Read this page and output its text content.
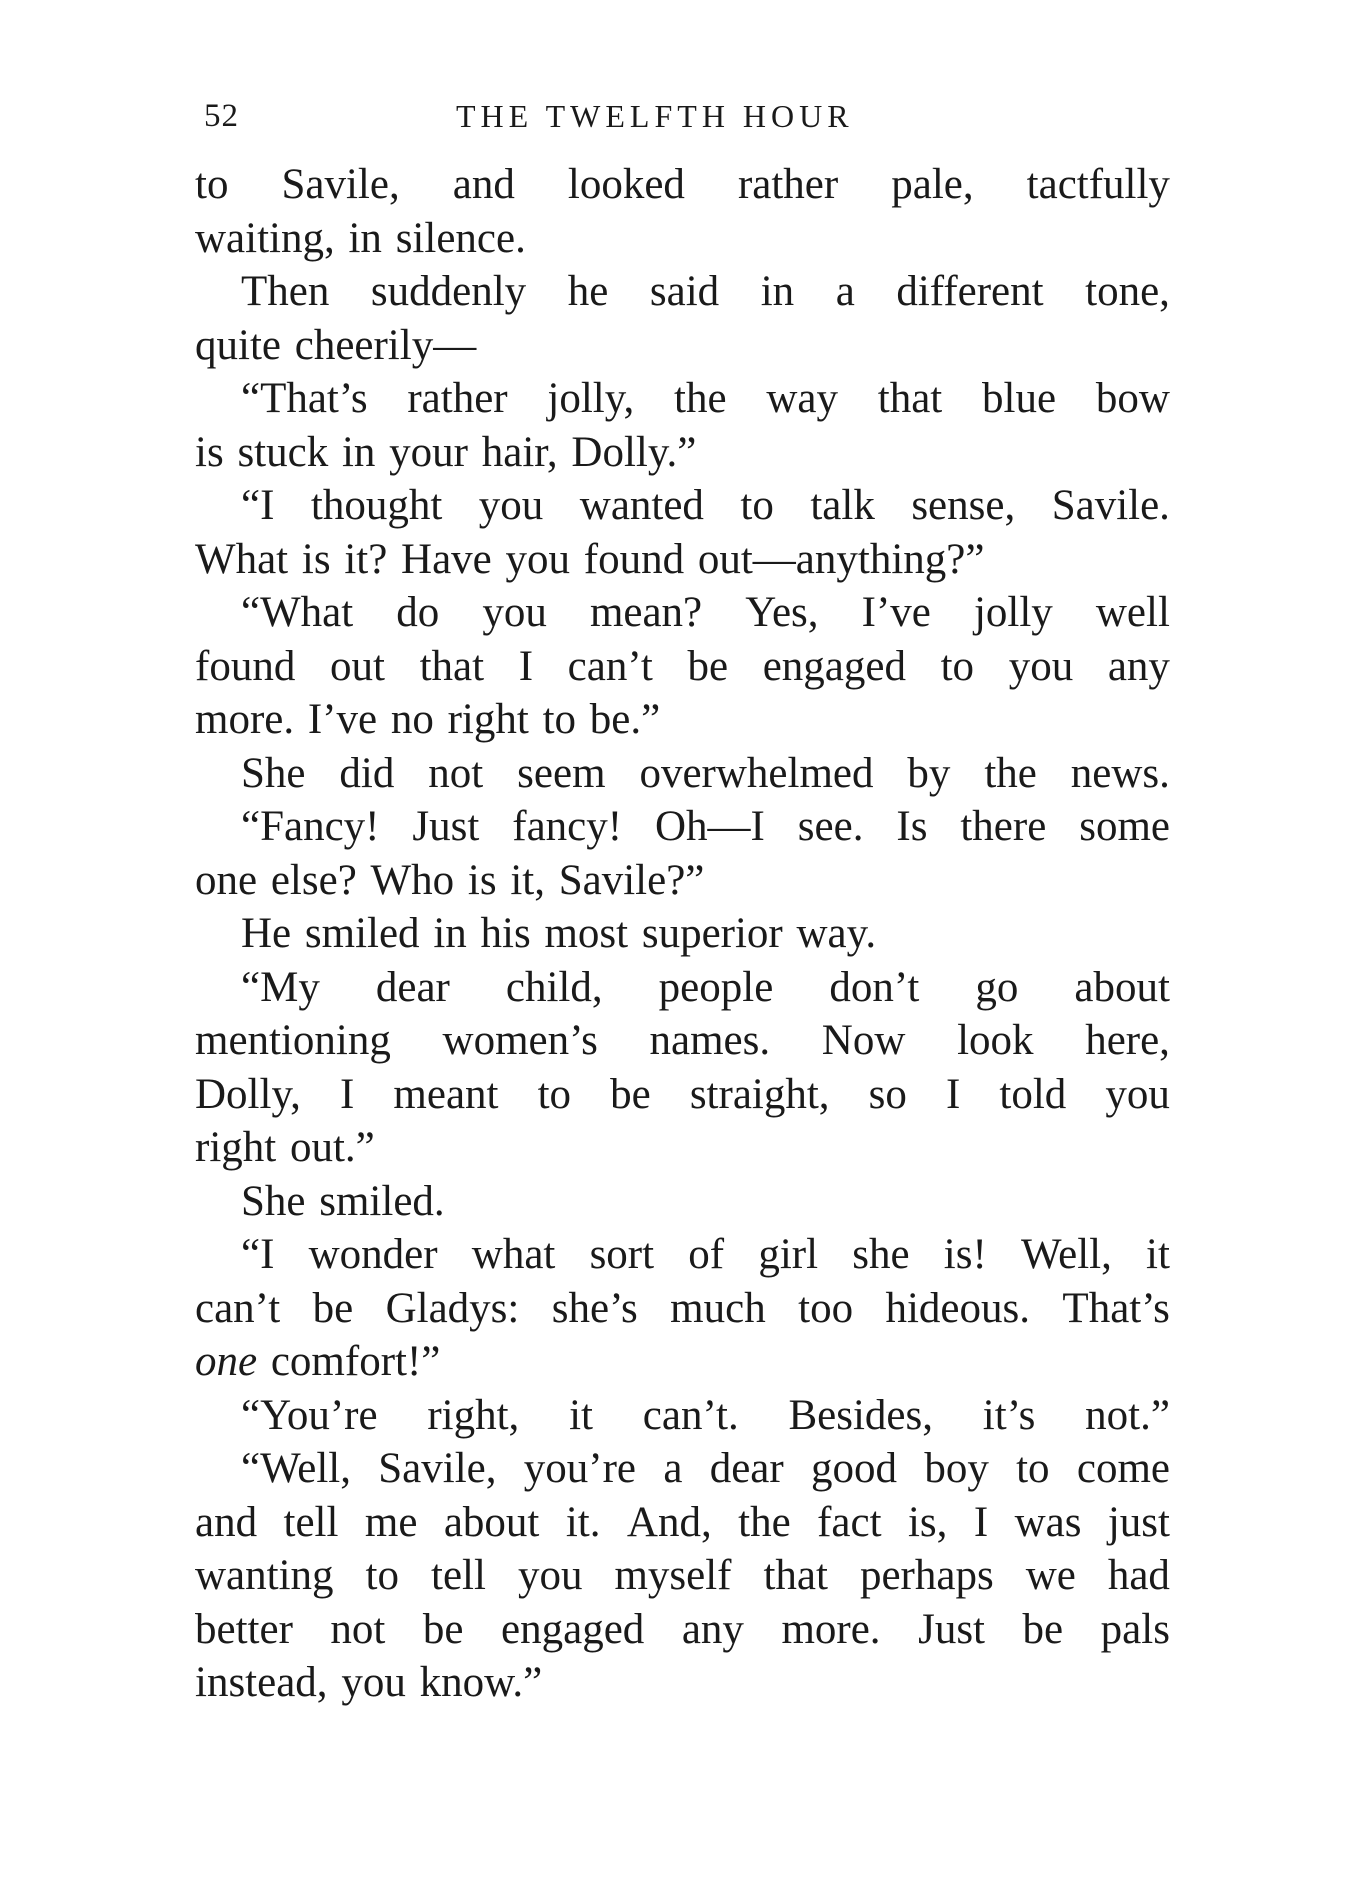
52	THE TWELFTH HOUR
to Savile, and looked rather pale, tactfully
waiting, in silence.
Then suddenly he said in a different tone,
quite cheerily—
“That’s rather jolly, the way that blue bow
is stuck in your hair, Dolly.”
“I thought you wanted to talk sense, Savile.
What is it? Have you found out—anything?”
“What do you mean? Yes, I’ve jolly well
found out that I can’t be engaged to you any
more. I’ve no right to be.”
She did not seem overwhelmed by the news.
“Fancy! Just fancy! Oh—I see. Is there some
one else? Who is it, Savile?”
He smiled in his most superior way.
“My dear child, people don’t go about
mentioning women’s names. Now look here,
Dolly, I meant to be straight, so I told you
right out.”
She smiled.
“I wonder what sort of girl she is! Well, it
can’t be Gladys: she’s much too hideous. That’s
one comfort!”
“You’re right, it can’t. Besides, it’s not.”
“Well, Savile, you’re a dear good boy to come
and tell me about it. And, the fact is, I was just
wanting to tell you myself that perhaps we had
better not be engaged any more. Just be pals
instead, you know.”
